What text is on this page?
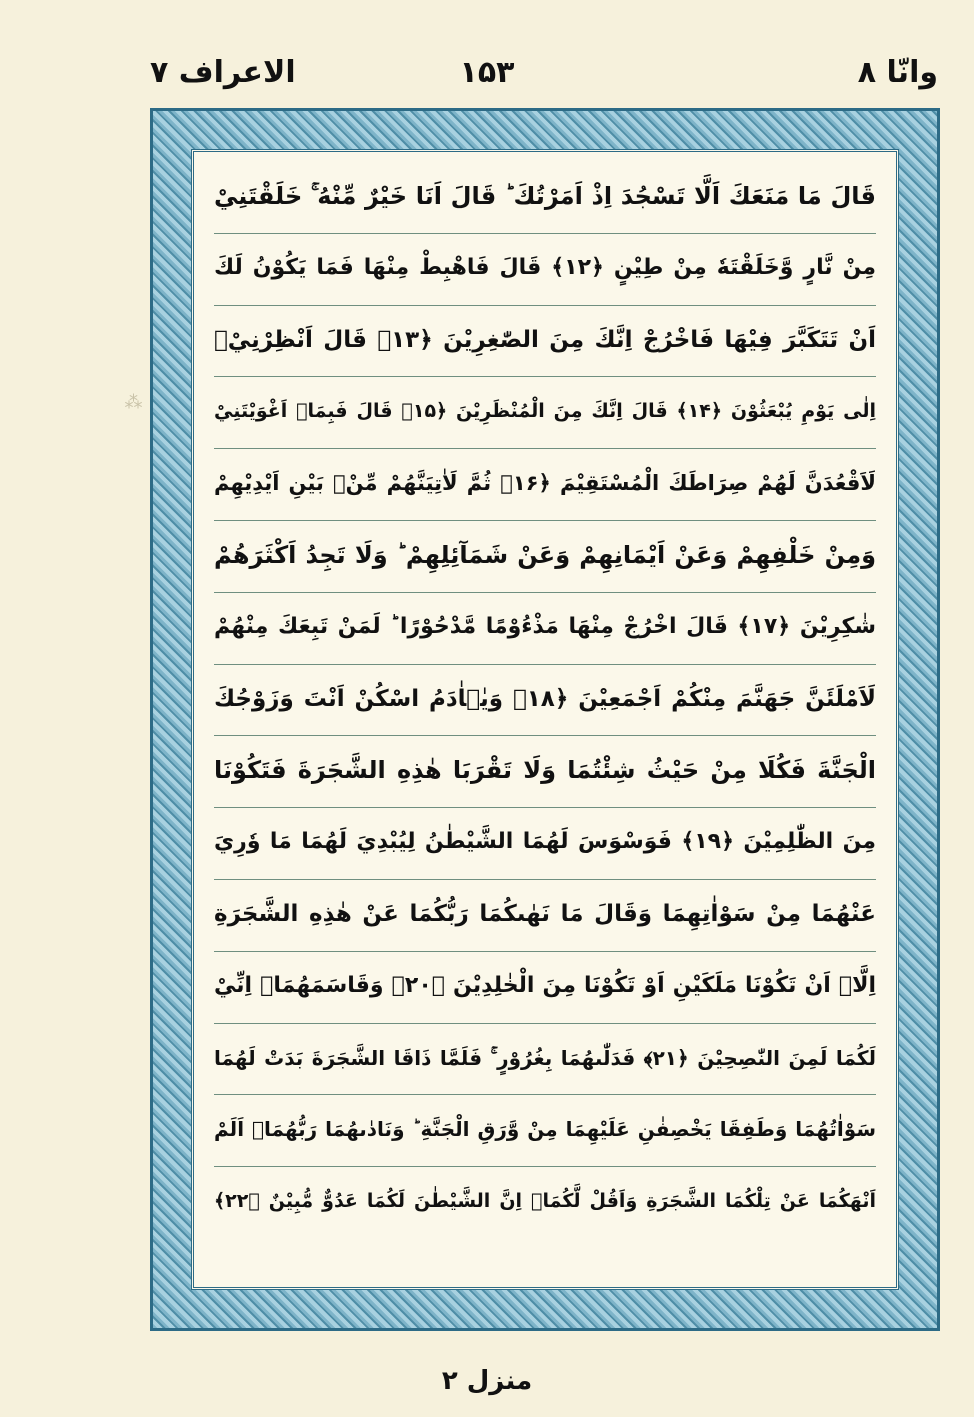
وانّا ۸
۱۵۳
الاعراف ۷
⁂
قَالَ مَا مَنَعَكَ اَلَّا تَسْجُدَ اِذْ اَمَرْتُكَ ؕ قَالَ اَنَا خَيْرٌ مِّنْهُ ۚ خَلَقْتَنِيْ
مِنْ نَّارٍ وَّخَلَقْتَهٗ مِنْ طِيْنٍ ﴿۱۲﴾ قَالَ فَاهْبِطْ مِنْهَا فَمَا يَكُوْنُ لَكَ
اَنْ تَتَكَبَّرَ فِيْهَا فَاخْرُجْ اِنَّكَ مِنَ الصّٰغِرِيْنَ ﴿۱۳﴾ قَالَ اَنْظِرْنِيْۤ
اِلٰى يَوْمِ يُبْعَثُوْنَ ﴿۱۴﴾ قَالَ اِنَّكَ مِنَ الْمُنْظَرِيْنَ ﴿۱۵﴾ قَالَ فَبِمَاۤ اَغْوَيْتَنِيْ
لَاَقْعُدَنَّ لَهُمْ صِرَاطَكَ الْمُسْتَقِيْمَ ﴿۱۶﴾ ثُمَّ لَاٰتِيَنَّهُمْ مِّنْۢ بَيْنِ اَيْدِيْهِمْ
وَمِنْ خَلْفِهِمْ وَعَنْ اَيْمَانِهِمْ وَعَنْ شَمَآئِلِهِمْ ؕ وَلَا تَجِدُ اَكْثَرَهُمْ
شٰكِرِيْنَ ﴿۱۷﴾ قَالَ اخْرُجْ مِنْهَا مَذْءُوْمًا مَّدْحُوْرًا ؕ لَمَنْ تَبِعَكَ مِنْهُمْ
لَاَمْلَئَنَّ جَهَنَّمَ مِنْكُمْ اَجْمَعِيْنَ ﴿۱۸﴾ وَيٰۤاٰدَمُ اسْكُنْ اَنْتَ وَزَوْجُكَ
الْجَنَّةَ فَكُلَا مِنْ حَيْثُ شِئْتُمَا وَلَا تَقْرَبَا هٰذِهِ الشَّجَرَةَ فَتَكُوْنَا
مِنَ الظّٰلِمِيْنَ ﴿۱۹﴾ فَوَسْوَسَ لَهُمَا الشَّيْطٰنُ لِيُبْدِيَ لَهُمَا مَا وٗرِيَ
عَنْهُمَا مِنْ سَوْاٰتِهِمَا وَقَالَ مَا نَهٰىكُمَا رَبُّكُمَا عَنْ هٰذِهِ الشَّجَرَةِ
اِلَّاۤ اَنْ تَكُوْنَا مَلَكَيْنِ اَوْ تَكُوْنَا مِنَ الْخٰلِدِيْنَ ﴿۲۰﴾ وَقَاسَمَهُمَاۤ اِنِّيْ
لَكُمَا لَمِنَ النّٰصِحِيْنَ ﴿۲۱﴾ فَدَلّٰىهُمَا بِغُرُوْرٍ ۚ فَلَمَّا ذَاقَا الشَّجَرَةَ بَدَتْ لَهُمَا
سَوْاٰتُهُمَا وَطَفِقَا يَخْصِفٰنِ عَلَيْهِمَا مِنْ وَّرَقِ الْجَنَّةِ ؕ وَنَادٰىهُمَا رَبُّهُمَاۤ اَلَمْ
اَنْهَكُمَا عَنْ تِلْكُمَا الشَّجَرَةِ وَاَقُلْ لَّكُمَاۤ اِنَّ الشَّيْطٰنَ لَكُمَا عَدُوٌّ مُّبِيْنٌ ﴿۲۲﴾
منزل ۲
